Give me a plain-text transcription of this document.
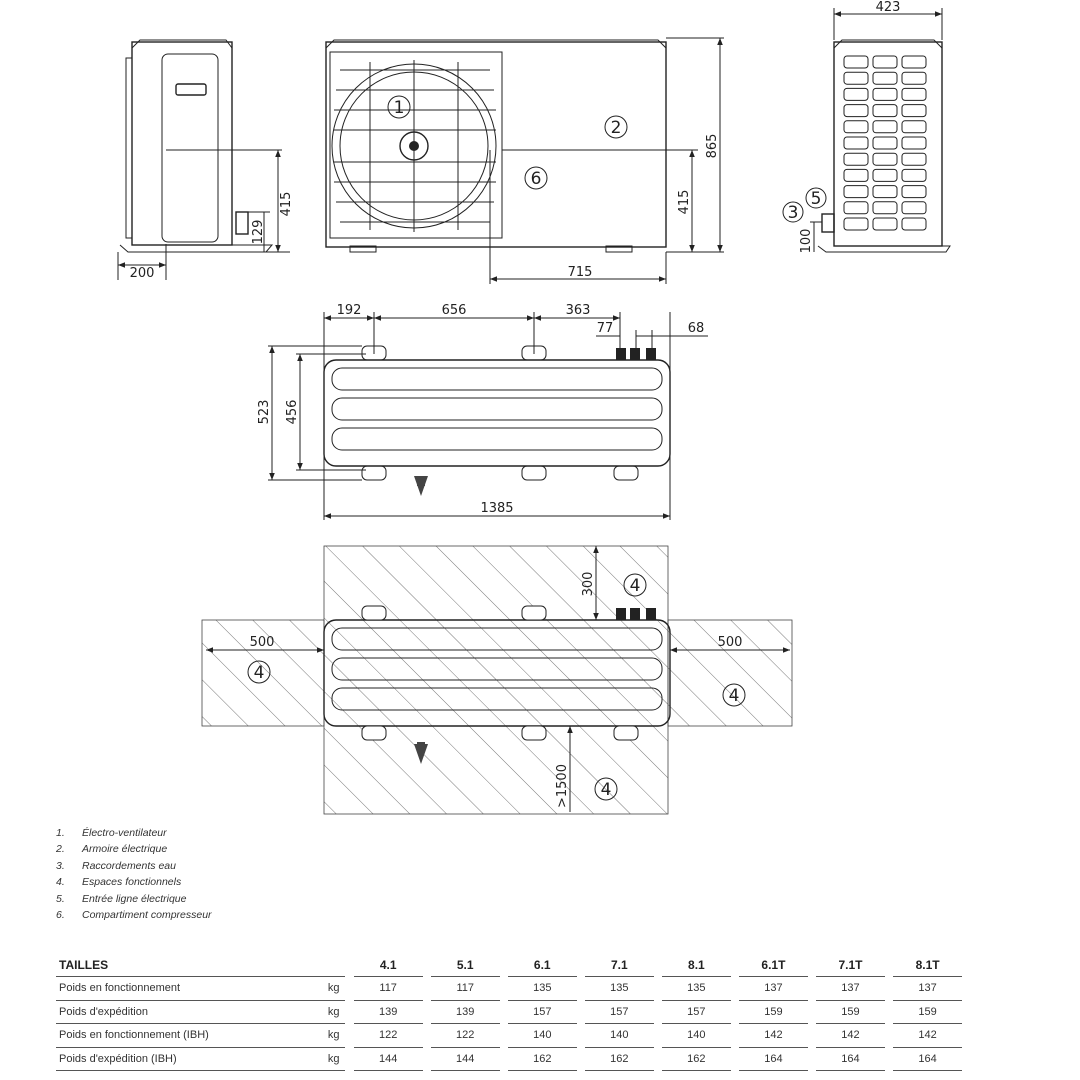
415
129
200
1
2
6
865
415
715
423
100
3
5
192	656	363
77	68
523 456
1385
300
500	500
>1500
4
4
4
4
1.	Électro-ventilateur
2.	Armoire électrique
3.	Raccordements eau
4.	Espaces fonctionnels
5.	Entrée ligne électrique
6.	Compartiment compresseur
TAILLES			4.1		5.1		6.1		7.1		8.1		6.1T		7.1T		8.1T
Poids en fonctionnement	kg		117		117		135		135		135		137		137		137
Poids d'expédition	kg		139		139		157		157		157		159		159		159
Poids en fonctionnement (IBH)	kg		122		122		140		140		140		142		142		142
Poids d'expédition (IBH)	kg		144		144		162		162		162		164		164		164
